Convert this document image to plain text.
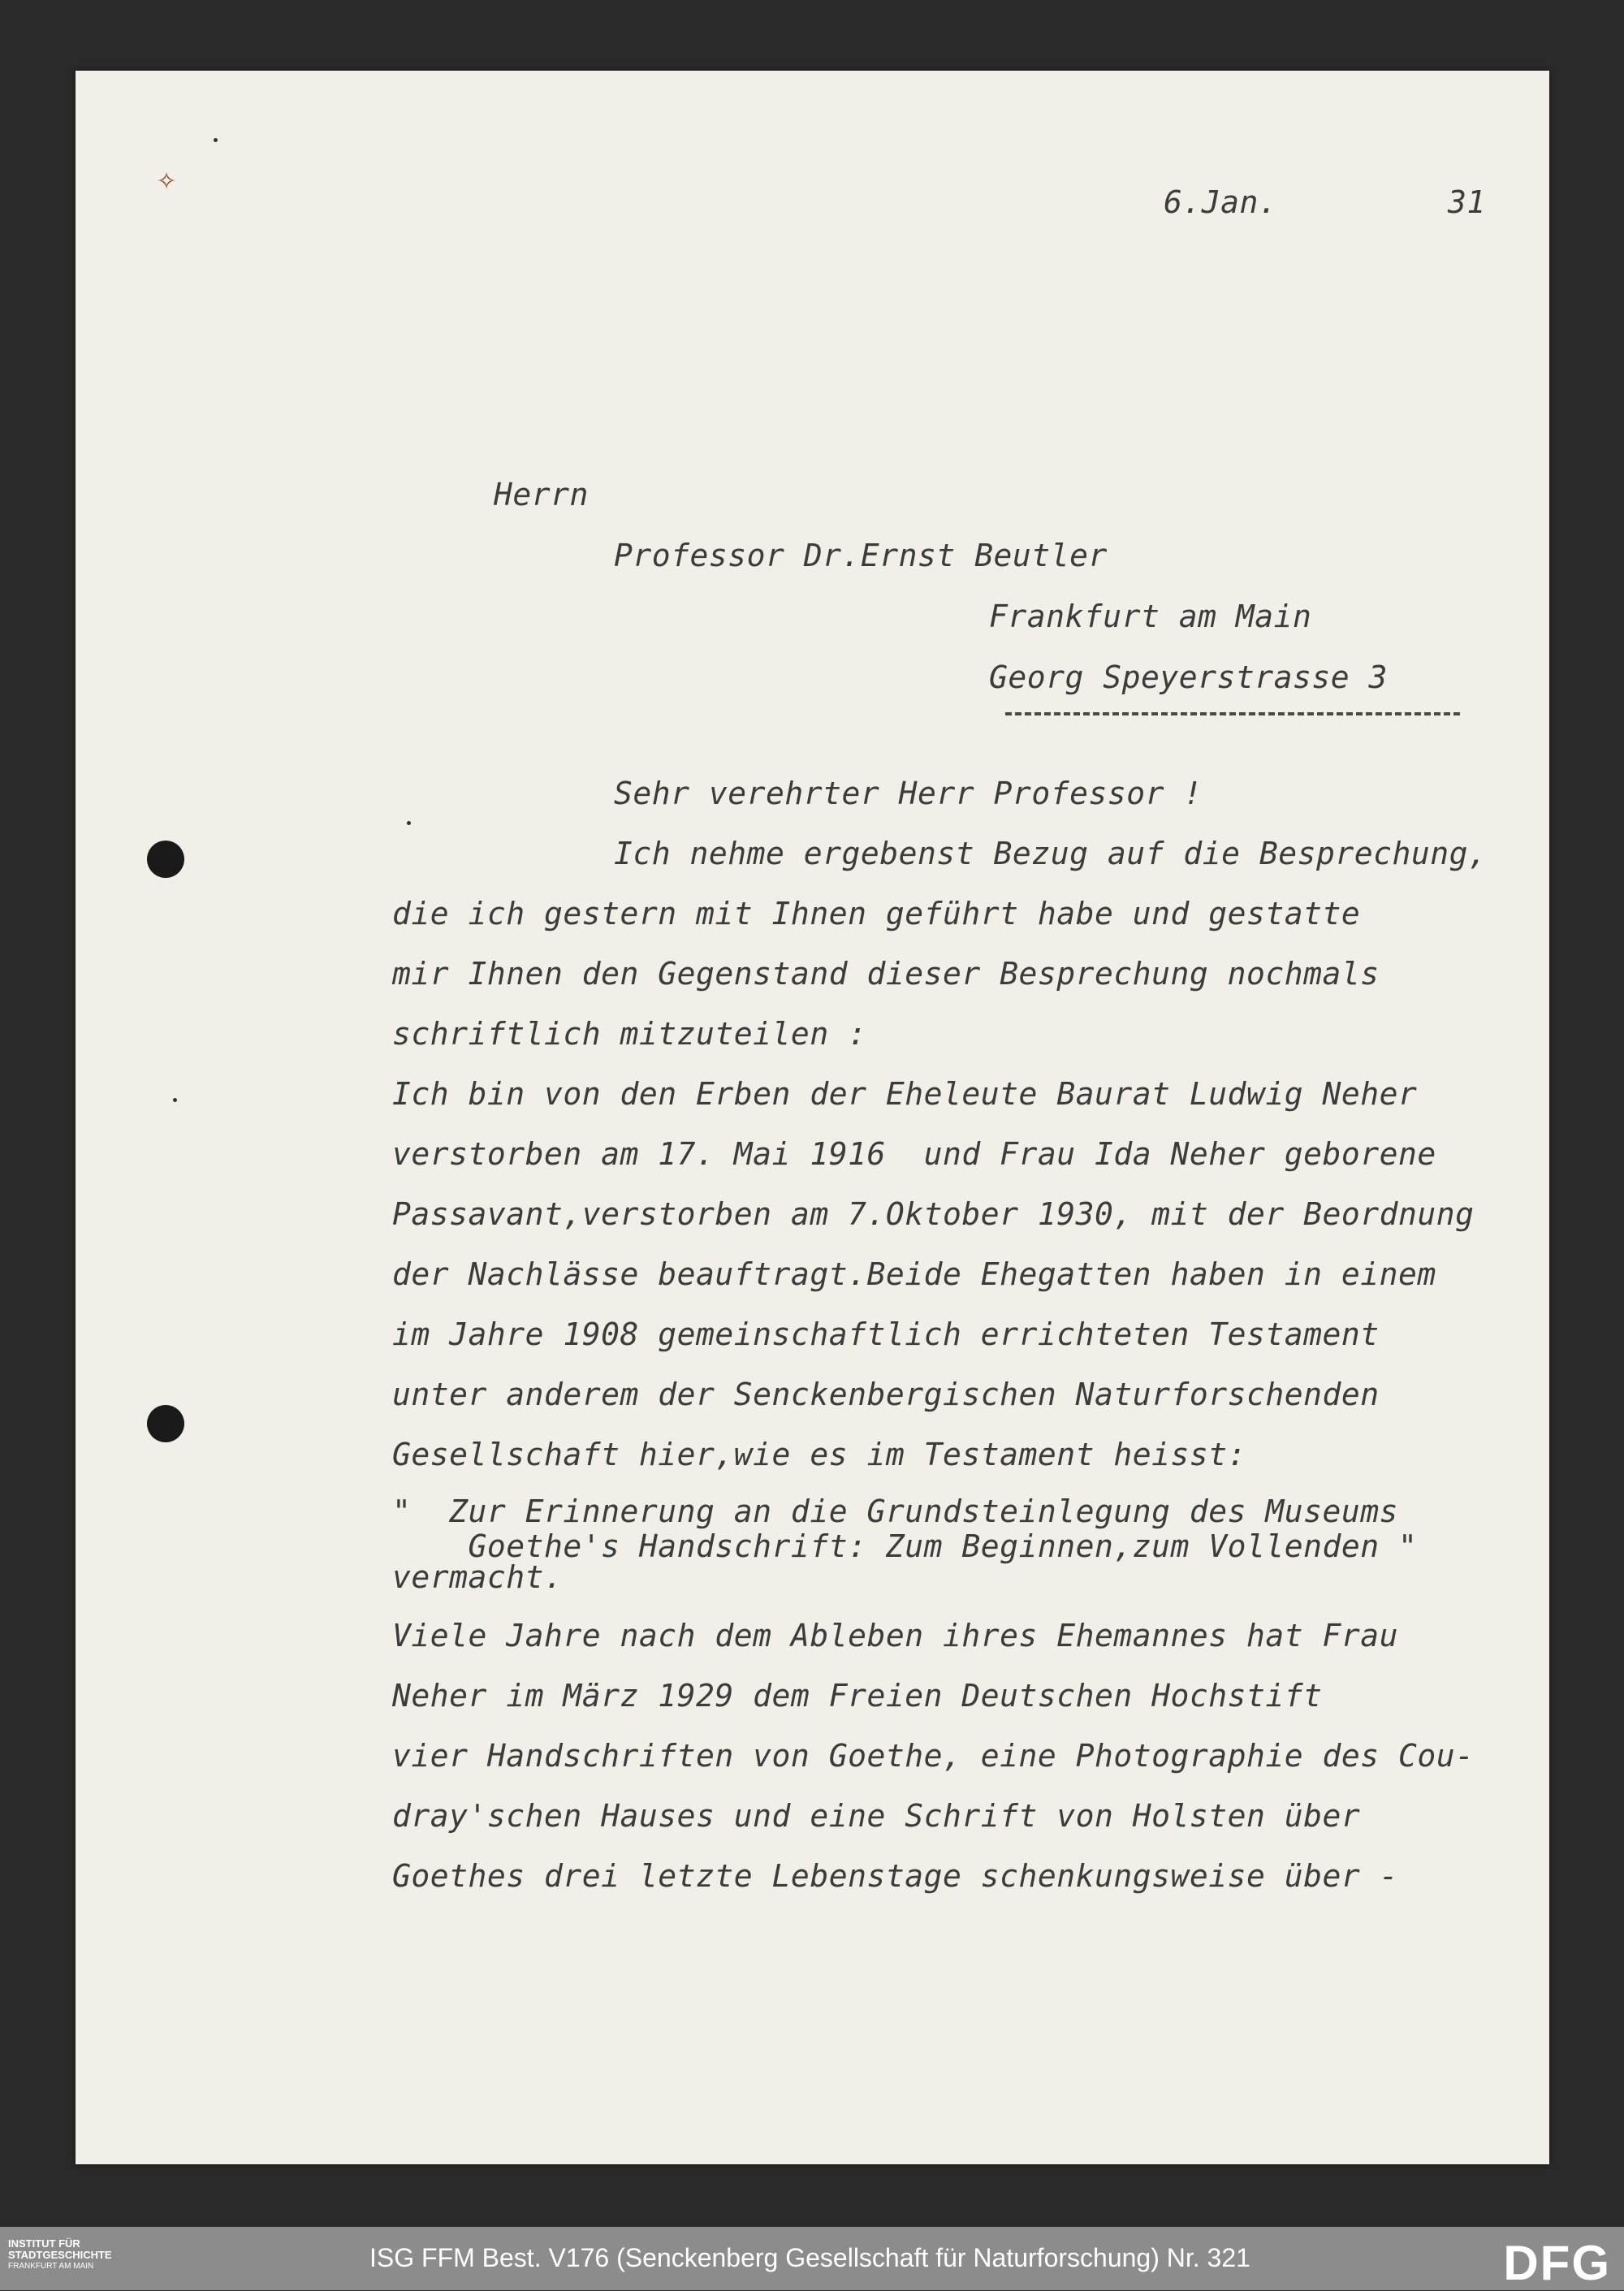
✧
6.Jan.	31
Herrn
Professor Dr.Ernst Beutler
Frankfurt am Main
Georg Speyerstrasse 3
Sehr verehrter Herr Professor !
Ich nehme ergebenst Bezug auf die Besprechung,
die ich gestern mit Ihnen geführt habe und gestatte
mir Ihnen den Gegenstand dieser Besprechung nochmals
schriftlich mitzuteilen :
Ich bin von den Erben der Eheleute Baurat Ludwig Neher
verstorben am 17. Mai 1916  und Frau Ida Neher geborene
Passavant,verstorben am 7.Oktober 1930, mit der Beordnung
der Nachlässe beauftragt.Beide Ehegatten haben in einem
im Jahre 1908 gemeinschaftlich errichteten Testament
unter anderem der Senckenbergischen Naturforschenden
Gesellschaft hier,wie es im Testament heisst:
"  Zur Erinnerung an die Grundsteinlegung des Museums
Goethe's Handschrift: Zum Beginnen,zum Vollenden "
vermacht.
Viele Jahre nach dem Ableben ihres Ehemannes hat Frau
Neher im März 1929 dem Freien Deutschen Hochstift
vier Handschriften von Goethe, eine Photographie des Cou-
dray'schen Hauses und eine Schrift von Holsten über
Goethes drei letzte Lebenstage schenkungsweise über -
INSTITUT FÜR
STADTGESCHICHTE
FRANKFURT AM MAIN	ISG FFM Best. V176 (Senckenberg Gesellschaft für Naturforschung) Nr. 321	DFG
